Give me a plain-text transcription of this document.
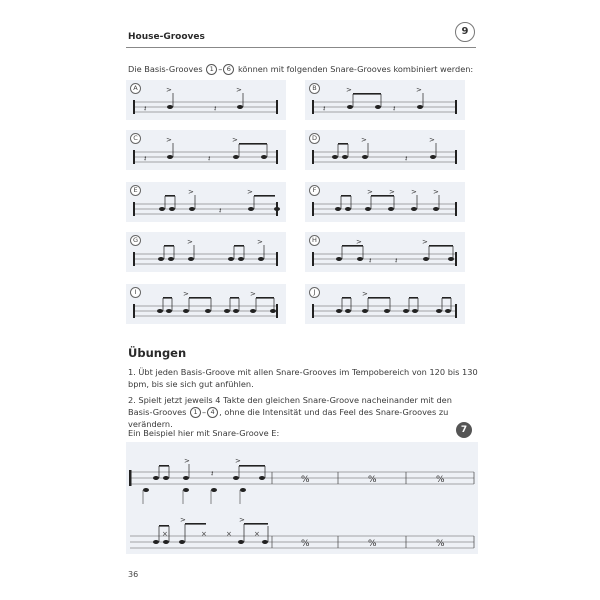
House-Grooves	9
Die Basis-Grooves 1 – 6 können mit folgenden Snare-Grooves kombiniert werden:
>	>
𝄽	𝄽
A	>	>
𝄽	𝄽
B
>	>
𝄽	𝄽
C	>	>
𝄽
D
>	>
𝄽
E	> > > >
F
>	>
G	>	>
𝄽	𝄽
H
>	>
I	>
J
Übungen
1. Übt jeden Basis-Groove mit allen Snare-Grooves im Tempobereich von 120 bis 130 bpm, bis sie sich gut anfühlen.
2. Spielt jetzt jeweils 4 Takte den gleichen Snare-Groove nacheinander mit den Basis-Grooves 1 – 4 , ohne die Intensität und das Feel des Snare-Grooves zu verändern.
Ein Beispiel hier mit Snare-Groove E:	7
>	>
𝄽
%	%	%
>	>
×	×	×	×
%	%	%
36
